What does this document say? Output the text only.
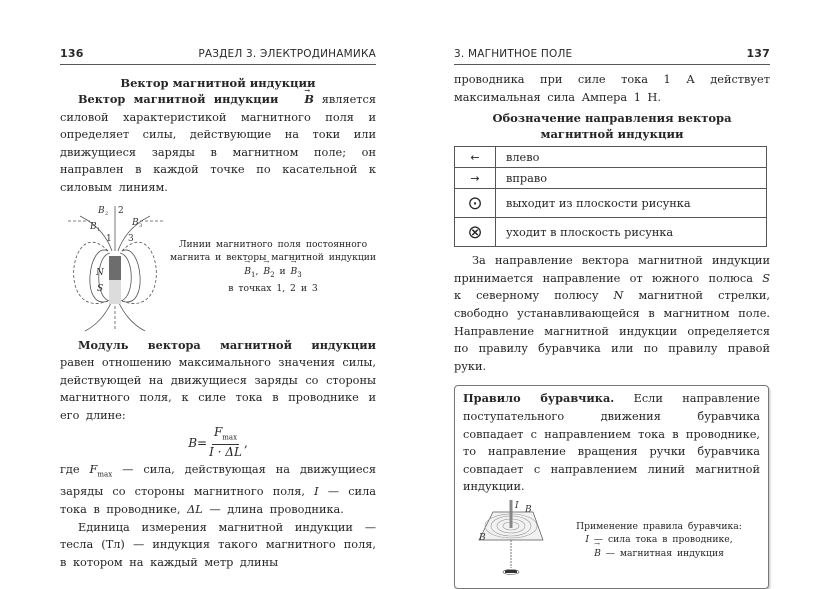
136	РАЗДЕЛ 3. ЭЛЕКТРОДИНАМИКА
Вектор магнитной индукции

Вектор магнитной индукции → B является силовой характеристикой магнитного поля и определяет силы, действующие на токи или движущиеся заряды в магнитном поле; он направлен в каждой точке по касательной к силовым линиям.

B 2 2
B 1
B 3
1 3
N
S
Линии магнитного поля постоянного магнита и векторы магнитной индукции → $B_1$, → $B_2$ $и \to B_3$
в точках 1, 2 и 3

Модуль вектора магнитной индукции равен отношению максимального значения силы, действующей на движущиеся заряды со стороны магнитного поля, к силе тока в проводнике и его длине:

$B = \frac{F_{max}}{I \cdot \Delta L}$ ,

где $F_{max}$ — сила, действующая на движущиеся заряды со стороны магнитного поля, I — сила тока в проводнике, ΔL — длина проводника.

Единица измерения магнитной индукции — тесла (Тл) — индукция такого магнитного поля, в котором на каждый метр длины

3. МАГНИТНОЕ ПОЛЕ	137

проводника при силе тока 1 А действует максимальная сила Ампера 1 Н.

Обозначение направления вектора
магнитной индукции
←	влево
→	вправо
⊙	выходит из плоскости рисунка
⊗	уходит в плоскость рисунка

За направление вектора магнитной индукции принимается направление от южного полюса S к северному полюсу N магнитной стрелки, свободно устанавливающейся в магнитном поле. Направление магнитной индукции определяется по правилу буравчика или по правилу правой руки.

Правило буравчика. Если направление поступательного движения буравчика совпадает с направлением тока в проводнике, то направление вращения ручки буравчика совпадает с направлением линий магнитной индукции.

I B
B
Применение правила буравчика:
I — сила тока в проводнике,
→ B — магнитная индукция
